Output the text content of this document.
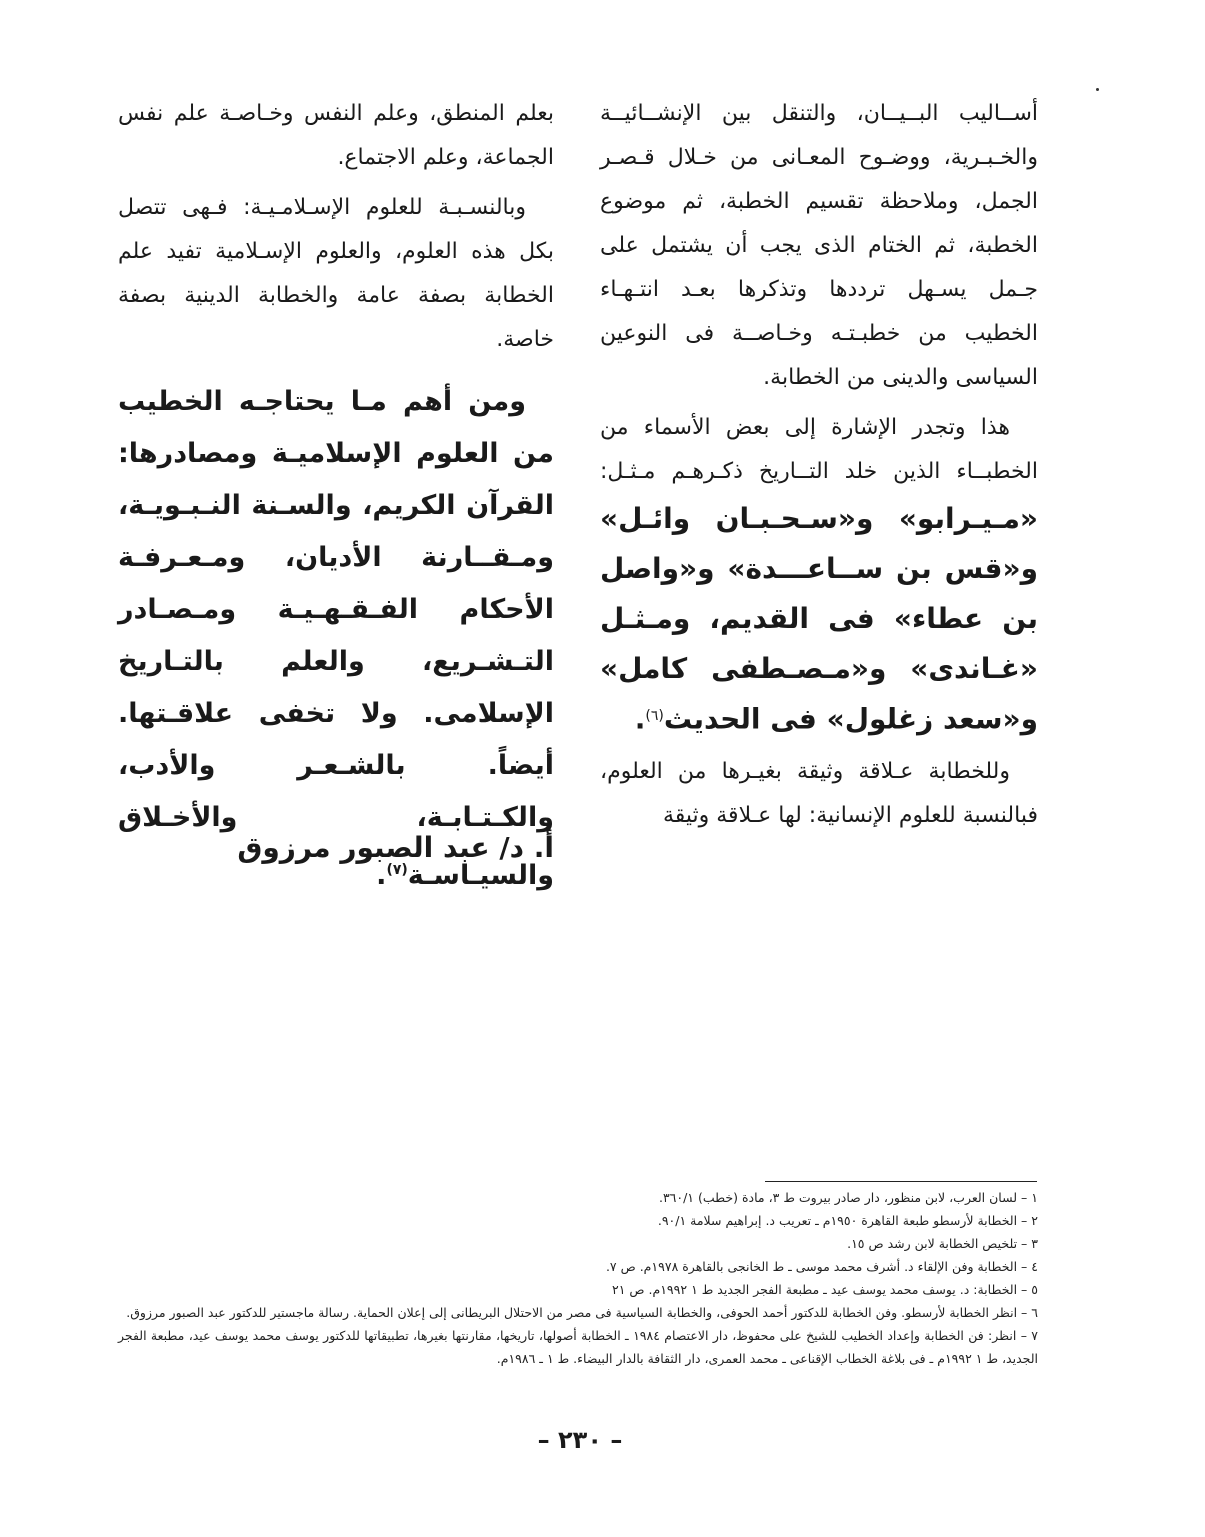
أســاليب البــيــان، والتنقل بين الإنشــائيــة والخـبـرية، ووضـوح المعـانى من خـلال قـصـر الجمل، وملاحظة تقسيم الخطبة، ثم موضوع الخطبة، ثم الختام الذى يجب أن يشتمل على جـمل يسـهل ترددها وتذكرها بعـد انتـهـاء الخطيب من خطبـتـه وخـاصــة فى النوعين السياسى والدينى من الخطابة.

هذا وتجدر الإشارة إلى بعض الأسماء من الخطبــاء الذين خلد التــاريخ ذكـرهـم مـثـل: «مـيـرابو» و«سـحـبـان وائـل» و«قس بن ســاعـــدة» و«واصل بن عطاء» فى القديم، ومـثـل «غـاندى» و«مـصـطفى كامل» و«سعد زغلول» فى الحديث$^{(٦)}$.

وللخطابة عـلاقة وثيقة بغيـرها من العلوم، فبالنسبة للعلوم الإنسانية: لها عـلاقة وثيقة

بعلم المنطق، وعلم النفس وخـاصـة علم نفس الجماعة، وعلم الاجتماع.

وبالنسـبـة للعلوم الإسـلامـيـة: فـهى تتصل بكل هذه العلوم، والعلوم الإسـلامية تفيد علم الخطابة بصفة عامة والخطابة الدينية بصفة خاصة.

ومن أهم مـا يحتاجـه الخطيب من العلوم الإسلاميـة ومصادرها: القرآن الكريم، والسـنة النـبـويـة، ومـقــارنة الأديان، ومـعـرفـة الأحكام الفـقـهـيـة ومـصـادر التـشـريع، والعلم بالتـاريخ الإسلامى. ولا تخفى علاقـتها. أيضاً. بالشـعـر والأدب، والكـتـابـة، والأخـلاق والسيـاسـة$^{(٧)}$.

أ. د/ عبد الصبور مرزوق

١ – لسان العرب، لابن منظور، دار صادر بيروت ط ٣، مادة (خطب) ٣٦٠/١.

٢ – الخطابة لأرسطو طبعة القاهرة ١٩٥٠م ـ تعريب د. إبراهيم سلامة ٩٠/١.

٣ – تلخيص الخطابة لابن رشد ص ١٥.

٤ – الخطابة وفن الإلقاء د. أشرف محمد موسى ـ ط الخانجى بالقاهرة ١٩٧٨م. ص ٧.

٥ – الخطابة: د. يوسف محمد يوسف عيد ـ مطبعة الفجر الجديد ط ١ ١٩٩٢م. ص ٢١

٦ – انظر الخطابة لأرسطو. وفن الخطابة للدكتور أحمد الحوفى، والخطابة السياسية فى مصر من الاحتلال البريطانى إلى إعلان الحماية. رسالة ماجستير للدكتور عبد الصبور مرزوق.

٧ – انظر: فن الخطابة وإعداد الخطيب للشيخ على محفوظ، دار الاعتصام ١٩٨٤ ـ الخطابة أصولها، تاريخها، مقارنتها بغيرها، تطبيقاتها للدكتور يوسف محمد يوسف عيد، مطبعة الفجر الجديد، ط ١ ١٩٩٢م ـ فى بلاغة الخطاب الإقناعى ـ محمد العمرى، دار الثقافة بالدار البيضاء. ط ١ ـ ١٩٨٦م.

– ٢٣٠ –
